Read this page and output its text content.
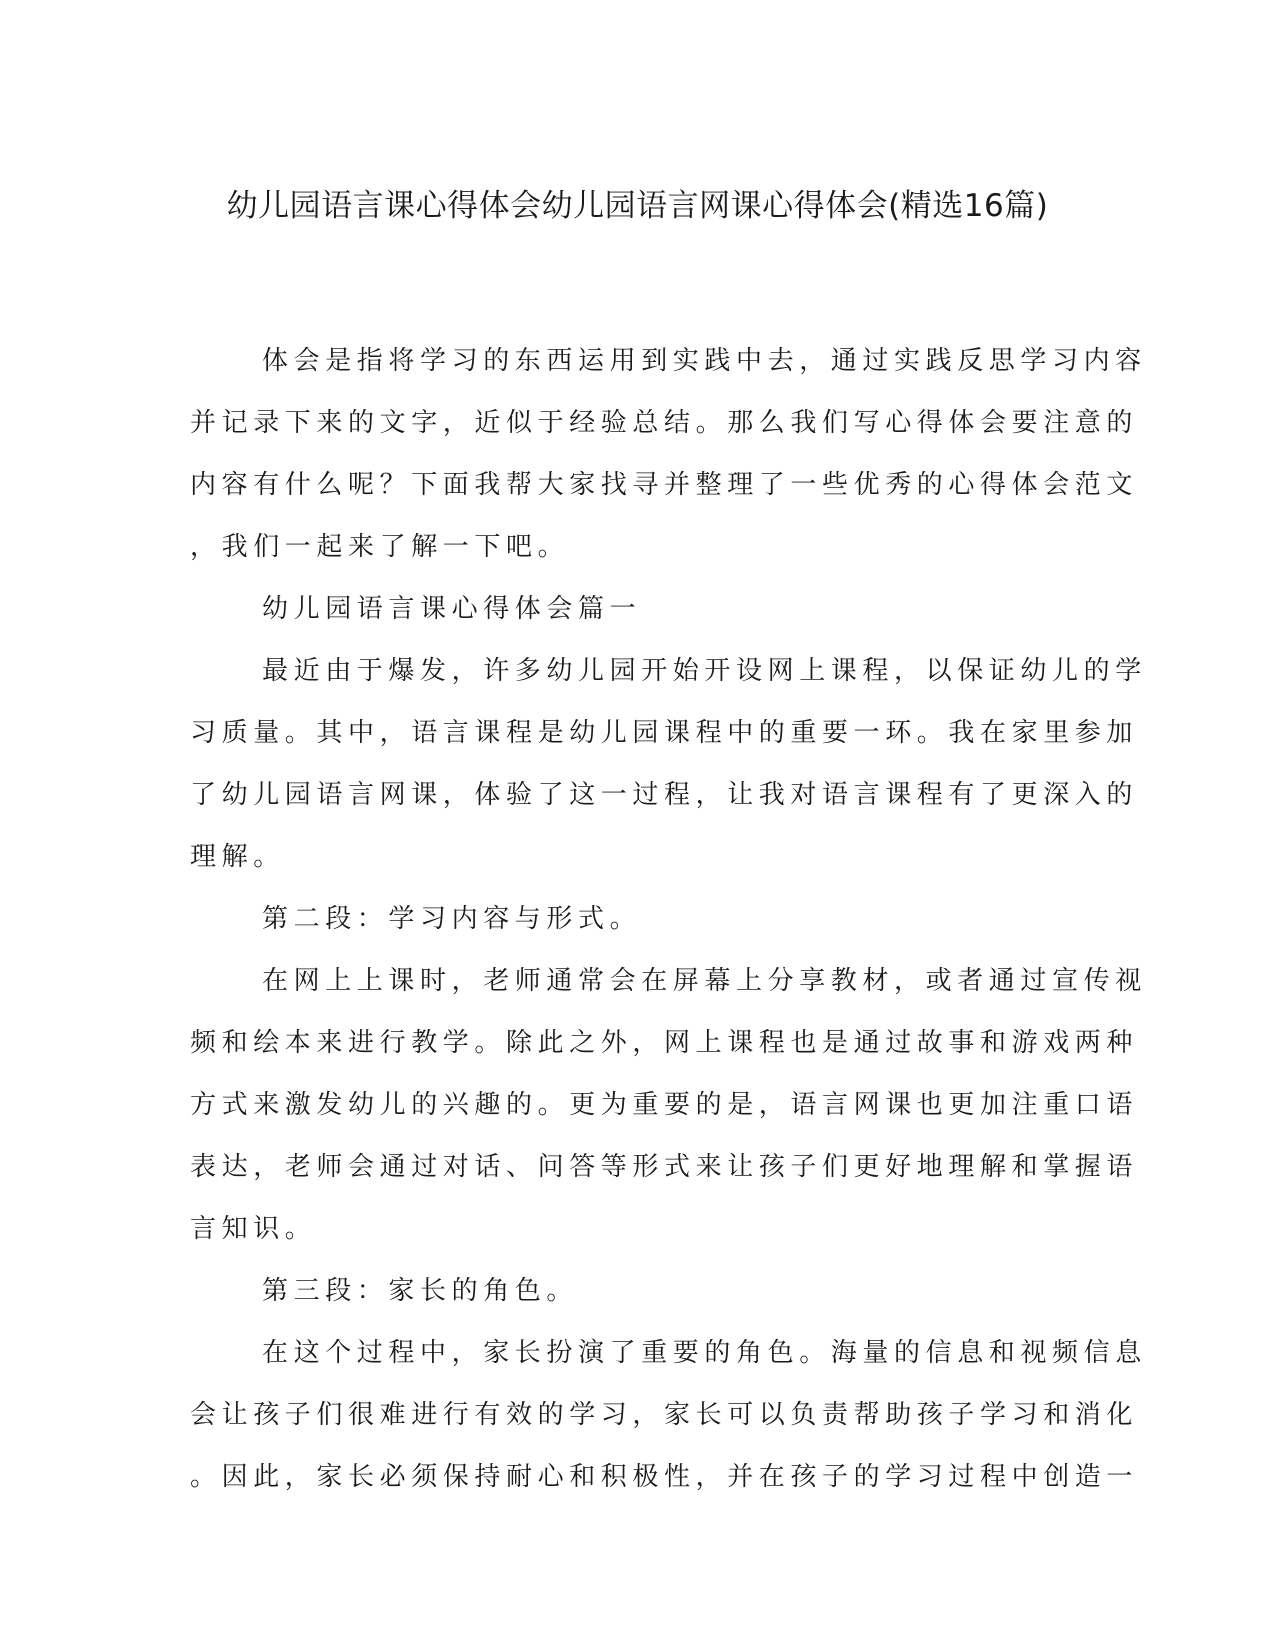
幼儿园语言课心得体会幼儿园语言网课心得体会(精选16篇)

体会是指将学习的东西运用到实践中去，通过实践反思学习内容
并记录下来的文字，近似于经验总结。那么我们写心得体会要注意的
内容有什么呢？下面我帮大家找寻并整理了一些优秀的心得体会范文
，我们一起来了解一下吧。

幼儿园语言课心得体会篇一

最近由于爆发，许多幼儿园开始开设网上课程，以保证幼儿的学
习质量。其中，语言课程是幼儿园课程中的重要一环。我在家里参加
了幼儿园语言网课，体验了这一过程，让我对语言课程有了更深入的
理解。

第二段：学习内容与形式。

在网上上课时，老师通常会在屏幕上分享教材，或者通过宣传视
频和绘本来进行教学。除此之外，网上课程也是通过故事和游戏两种
方式来激发幼儿的兴趣的。更为重要的是，语言网课也更加注重口语
表达，老师会通过对话、问答等形式来让孩子们更好地理解和掌握语
言知识。

第三段：家长的角色。

在这个过程中，家长扮演了重要的角色。海量的信息和视频信息
会让孩子们很难进行有效的学习，家长可以负责帮助孩子学习和消化
。因此，家长必须保持耐心和积极性，并在孩子的学习过程中创造一
